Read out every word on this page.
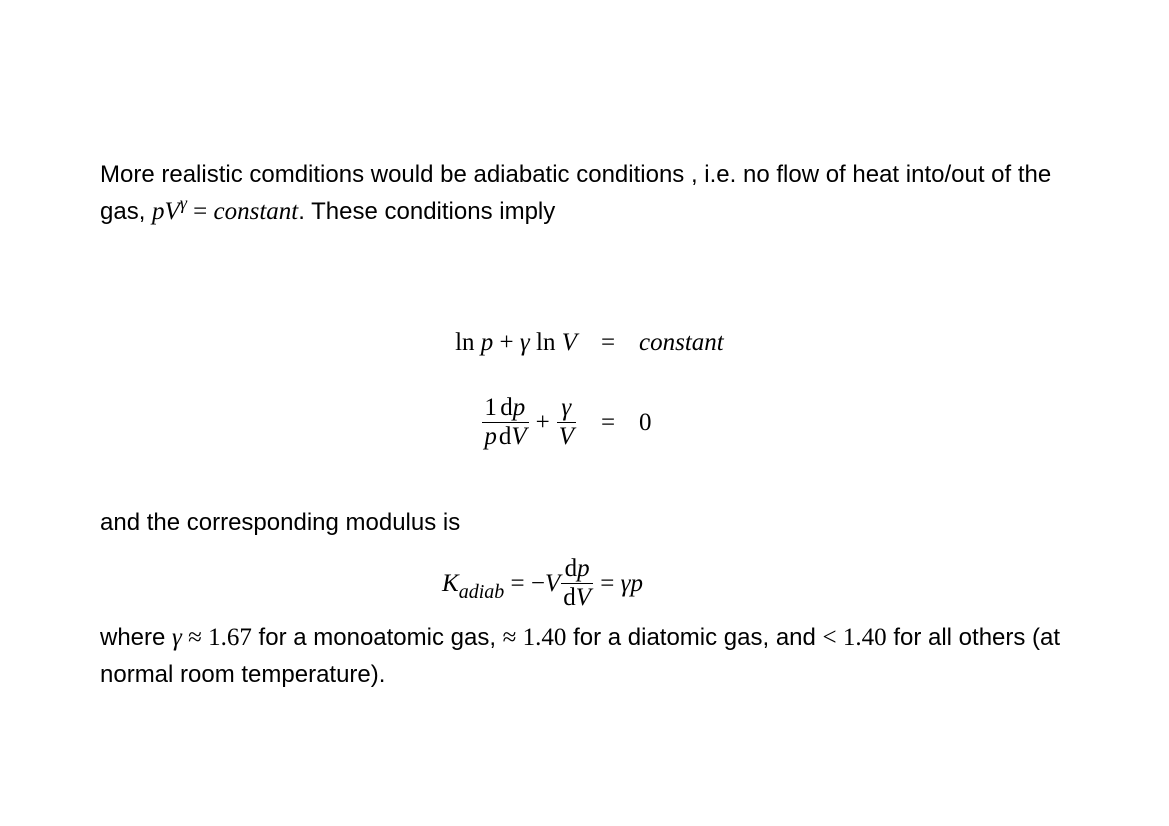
More realistic comditions would be adiabatic conditions , i.e. no flow of heat into/out of the gas, $pV^\gamma$ = constant. These conditions imply

ln p + γ ln V = constant
$\frac{1}{p}$
$\frac{dp}{dV} + \frac{\gamma}{V} = 0$

and the corresponding modulus is

$K_{adiab}$ = − V $\frac{dp}{dV} = \gamma$ p

where γ ≈ 1.67 for a monoatomic gas, ≈ 1.40 for a diatomic gas, and < 1.40 for all others (at normal room temperature).
